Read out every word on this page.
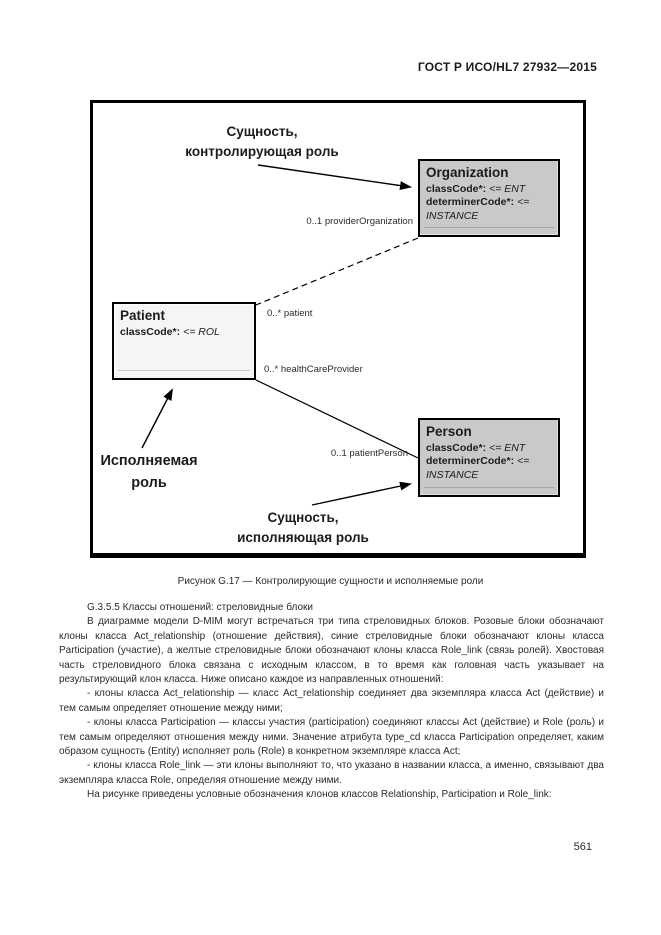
ГОСТ Р ИСО/HL7 27932—2015
Сущность,
контролирующая роль
Organization
classCode*: <= ENT
determinerCode*: <= INSTANCE
0..1 providerOrganization
Patient
classCode*: <= ROL
0..* patient
0..* healthCareProvider
Person
classCode*: <= ENT
determinerCode*: <= INSTANCE
0..1 patientPerson
Исполняемая
роль
Сущность,
исполняющая роль
Рисунок G.17 — Контролирующие сущности и исполняемые роли

G.3.5.5 Классы отношений: стреловидные блоки

В диаграмме модели D-MIM могут встречаться три типа стреловидных блоков. Розовые блоки обозначают клоны класса Act_relationship (отношение действия), синие стреловидные блоки обозначают клоны класса Participation (участие), а желтые стреловидные блоки обозначают клоны класса Role_link (связь ролей). Хвостовая часть стреловидного блока связана с исходным классом, в то время как головная часть указывает на результирующий клон класса. Ниже описано каждое из направленных отношений:

- клоны класса Act_relationship — класс Act_relationship соединяет два экземпляра класса Act (действие) и тем самым определяет отношение между ними;

- клоны класса Participation — классы участия (participation) соединяют классы Act (действие) и Role (роль) и тем самым определяют отношения между ними. Значение атрибута type_cd класса Participation определяет, каким образом сущность (Entity) исполняет роль (Role) в конкретном экземпляре класса Act;

- клоны класса Role_link — эти клоны выполняют то, что указано в названии класса, а именно, связывают два экземпляра класса Role, определяя отношение между ними.

На рисунке приведены условные обозначения клонов классов Relationship, Participation и Role_link:

561
